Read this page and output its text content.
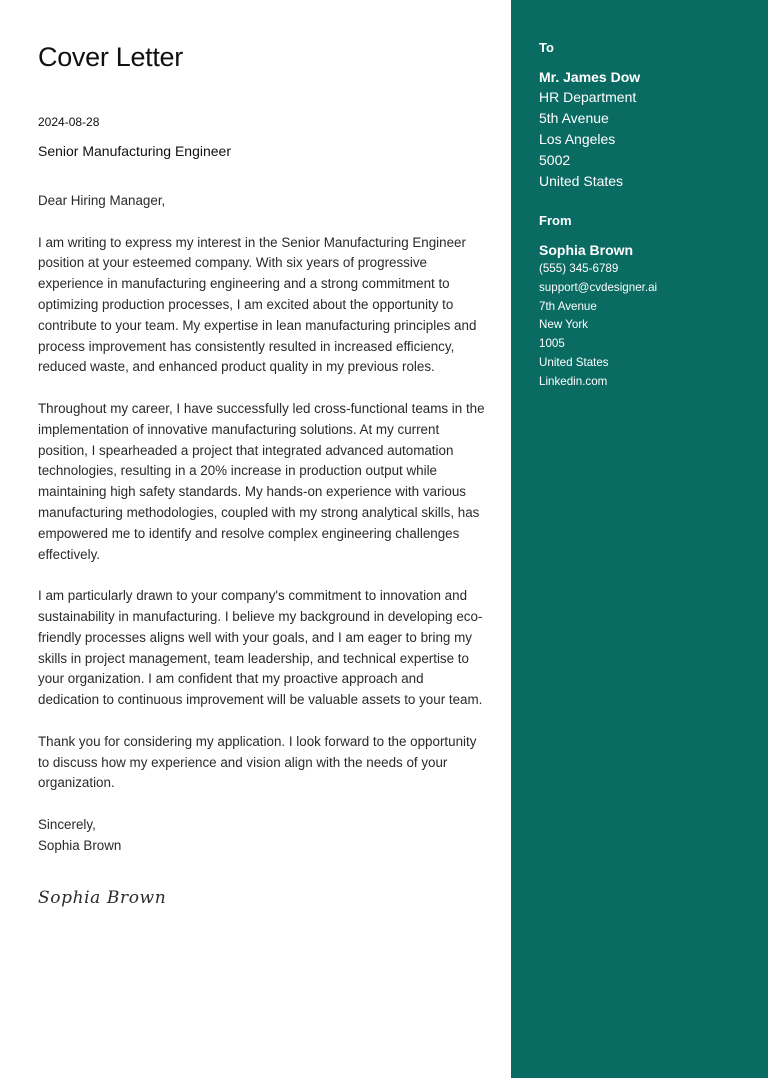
Cover Letter
2024-08-28
Senior Manufacturing Engineer

Dear Hiring Manager,

I am writing to express my interest in the Senior Manufacturing Engineer position at your esteemed company. With six years of progressive experience in manufacturing engineering and a strong commitment to optimizing production processes, I am excited about the opportunity to contribute to your team. My expertise in lean manufacturing principles and process improvement has consistently resulted in increased efficiency, reduced waste, and enhanced product quality in my previous roles.

Throughout my career, I have successfully led cross-functional teams in the implementation of innovative manufacturing solutions. At my current position, I spearheaded a project that integrated advanced automation technologies, resulting in a 20% increase in production output while maintaining high safety standards. My hands-on experience with various manufacturing methodologies, coupled with my strong analytical skills, has empowered me to identify and resolve complex engineering challenges effectively.

I am particularly drawn to your company's commitment to innovation and sustainability in manufacturing. I believe my background in developing eco-friendly processes aligns well with your goals, and I am eager to bring my skills in project management, team leadership, and technical expertise to your organization. I am confident that my proactive approach and dedication to continuous improvement will be valuable assets to your team.

Thank you for considering my application. I look forward to the opportunity to discuss how my experience and vision align with the needs of your organization.

Sincerely,
Sophia Brown
Sophia Brown
To
Mr. James Dow
HR Department
5th Avenue
Los Angeles
5002
United States
From
Sophia Brown
(555) 345-6789
support@cvdesigner.ai
7th Avenue
New York
1005
United States
Linkedin.com
